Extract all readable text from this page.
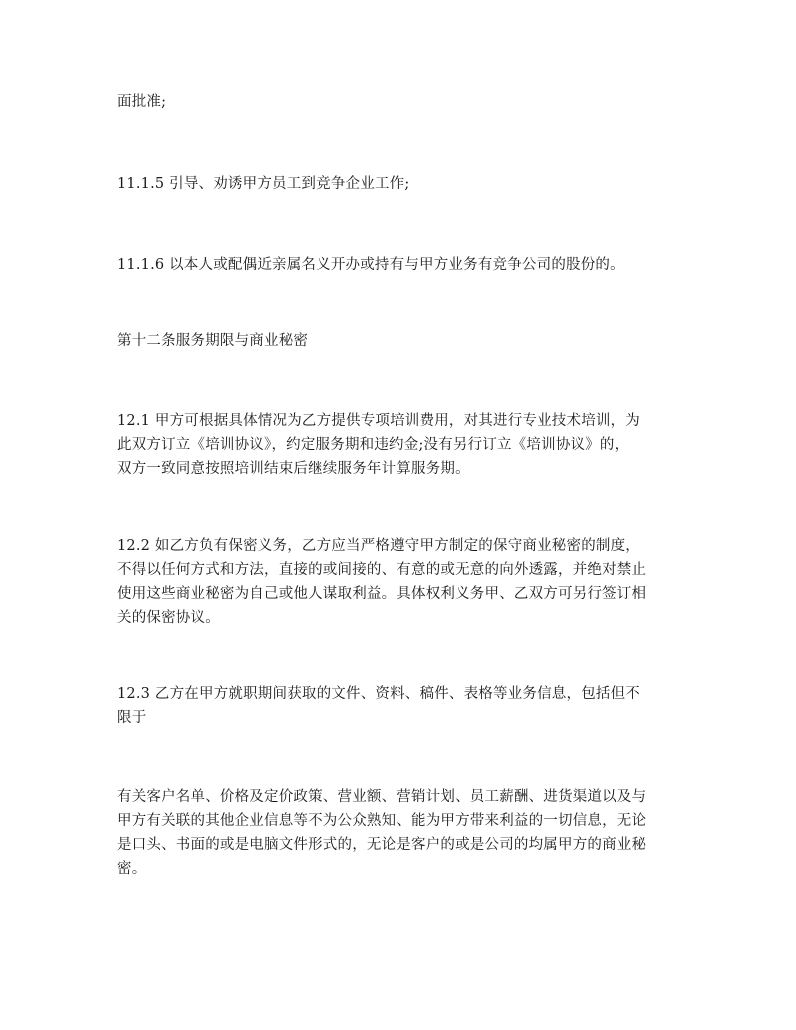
面批准;

11.1.5 引导、劝诱甲方员工到竞争企业工作;

11.1.6 以本人或配偶近亲属名义开办或持有与甲方业务有竞争公司的股份的。

第十二条服务期限与商业秘密

12.1 甲方可根据具体情况为乙方提供专项培训费用，对其进行专业技术培训，为
此双方订立《培训协议》，约定服务期和违约金;没有另行订立《培训协议》的，
双方一致同意按照培训结束后继续服务年计算服务期。

12.2 如乙方负有保密义务，乙方应当严格遵守甲方制定的保守商业秘密的制度，
不得以任何方式和方法，直接的或间接的、有意的或无意的向外透露，并绝对禁止
使用这些商业秘密为自己或他人谋取利益。具体权利义务甲、乙双方可另行签订相
关的保密协议。

12.3 乙方在甲方就职期间获取的文件、资料、稿件、表格等业务信息，包括但不
限于

有关客户名单、价格及定价政策、营业额、营销计划、员工薪酬、进货渠道以及与
甲方有关联的其他企业信息等不为公众熟知、能为甲方带来利益的一切信息，无论
是口头、书面的或是电脑文件形式的，无论是客户的或是公司的均属甲方的商业秘
密。
